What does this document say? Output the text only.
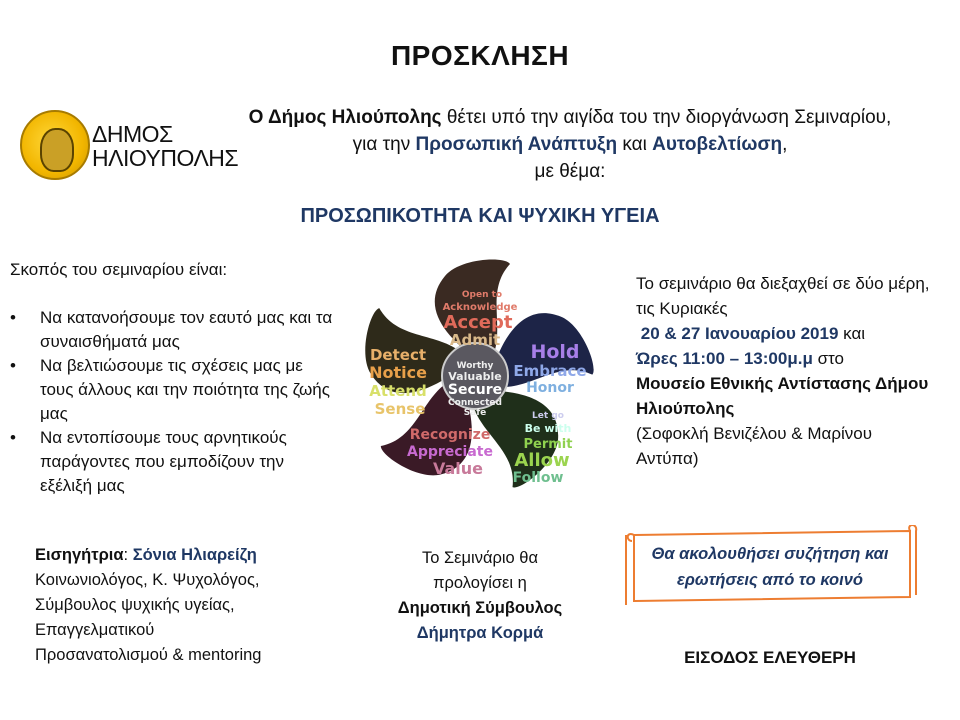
ΠΡΟΣΚΛΗΣΗ
ΔΗΜΟΣ
ΗΛΙΟΥΠΟΛΗΣ
Ο Δήμος Ηλιούπολης θέτει υπό την αιγίδα του την διοργάνωση Σεμιναρίου, για την Προσωπική Ανάπτυξη και Αυτοβελτίωση,
με θέμα:
ΠΡΟΣΩΠΙΚΟΤΗΤΑ ΚΑΙ ΨΥΧΙΚΗ ΥΓΕΙΑ
Σκοπός του σεμιναρίου είναι:
• Να κατανοήσουμε τον εαυτό μας και τα συναισθήματά μας
• Να βελτιώσουμε τις σχέσεις μας με τους άλλους και την ποιότητα της ζωής μας
• Να εντοπίσουμε τους αρνητικούς παράγοντες που εμποδίζουν την εξέλιξή μας
Open to
Acknowledge
Accept
Admit
Hold
Embrace
Honor
Let go
Be with
Permit
Allow
Follow
Recognize
Appreciate
Value
Detect
Notice
Attend
Sense
Worthy
Valuable
Secure
Connected
Safe
Το σεμινάριο θα διεξαχθεί σε δύο μέρη, τις Κυριακές
20 & 27 Ιανουαρίου 2019 και
Ώρες 11:00 – 13:00μ.μ στο
Μουσείο Εθνικής Αντίστασης Δήμου Ηλιούπολης
(Σοφοκλή Βενιζέλου & Μαρίνου Αντύπα)
Εισηγήτρια: Σόνια Ηλιαρείζη
Κοινωνιολόγος, Κ. Ψυχολόγος,
Σύμβουλος ψυχικής υγείας,
Επαγγελματικού
Προσανατολισμού & mentoring
Το Σεμινάριο θα
προλογίσει η
Δημοτική Σύμβουλος
Δήμητρα Κορμά
Θα ακολουθήσει συζήτηση και
ερωτήσεις από το κοινό
ΕΙΣΟΔΟΣ ΕΛΕΥΘΕΡΗ
